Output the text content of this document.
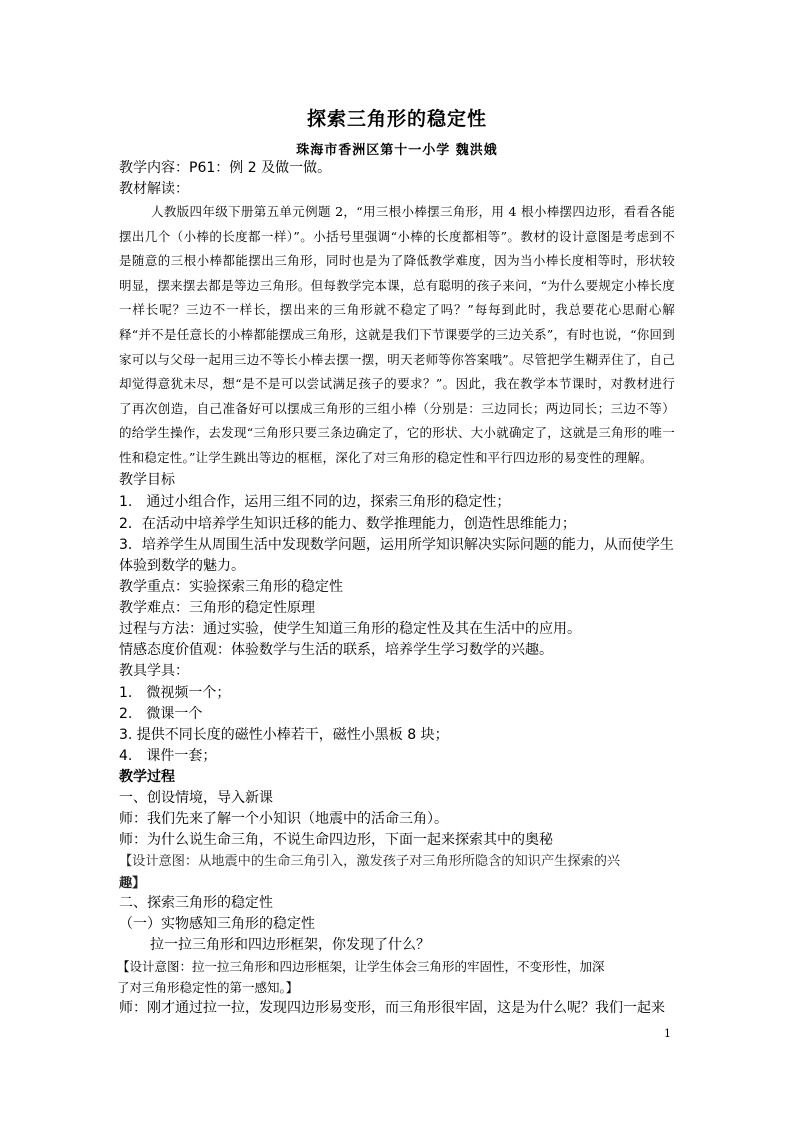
探索三角形的稳定性
珠海市香洲区第十一小学 魏洪娥
教学内容：P61：例 2 及做一做。
教材解读：
人教版四年级下册第五单元例题 2，“用三根小棒摆三角形，用 4 根小棒摆四边形，看看各能摆出几个（小棒的长度都一样）”。小括号里强调“小棒的长度都相等”。教材的设计意图是考虑到不是随意的三根小棒都能摆出三角形，同时也是为了降低教学难度，因为当小棒长度相等时，形状较明显，摆来摆去都是等边三角形。但每教学完本课，总有聪明的孩子来问，“为什么要规定小棒长度一样长呢？三边不一样长，摆出来的三角形就不稳定了吗？”每每到此时，我总要花心思耐心解释“并不是任意长的小棒都能摆成三角形，这就是我们下节课要学的三边关系”，有时也说，“你回到家可以与父母一起用三边不等长小棒去摆一摆，明天老师等你答案哦”。尽管把学生糊弄住了，自己却觉得意犹未尽，想“是不是可以尝试满足孩子的要求？”。因此，我在教学本节课时，对教材进行了再次创造，自己准备好可以摆成三角形的三组小棒（分别是：三边同长；两边同长；三边不等）的给学生操作，去发现“三角形只要三条边确定了，它的形状、大小就确定了，这就是三角形的唯一性和稳定性。”让学生跳出等边的框框，深化了对三角形的稳定性和平行四边形的易变性的理解。
教学目标
1.　通过小组合作，运用三组不同的边，探索三角形的稳定性；
2．在活动中培养学生知识迁移的能力、数学推理能力，创造性思维能力；
3．培养学生从周围生活中发现数学问题，运用所学知识解决实际问题的能力，从而使学生
体验到数学的魅力。
教学重点：实验探索三角形的稳定性
教学难点：三角形的稳定性原理
过程与方法：通过实验，使学生知道三角形的稳定性及其在生活中的应用。
情感态度价值观：体验数学与生活的联系，培养学生学习数学的兴趣。
教具学具：
1.　微视频一个；
2.　微课一个
3. 提供不同长度的磁性小棒若干，磁性小黑板 8 块；
4.　课件一套；
教学过程
一、创设情境，导入新课
师：我们先来了解一个小知识（地震中的活命三角）。
师：为什么说生命三角，不说生命四边形，下面一起来探索其中的奥秘
【设计意图：从地震中的生命三角引入，激发孩子对三角形所隐含的知识产生探索的兴
趣】
二、探索三角形的稳定性
（一）实物感知三角形的稳定性
拉一拉三角形和四边形框架，你发现了什么？
【设计意图：拉一拉三角形和四边形框架，让学生体会三角形的牢固性，不变形性，加深
了对三角形稳定性的第一感知。】
师：刚才通过拉一拉，发现四边形易变形，而三角形很牢固，这是为什么呢？我们一起来
1
